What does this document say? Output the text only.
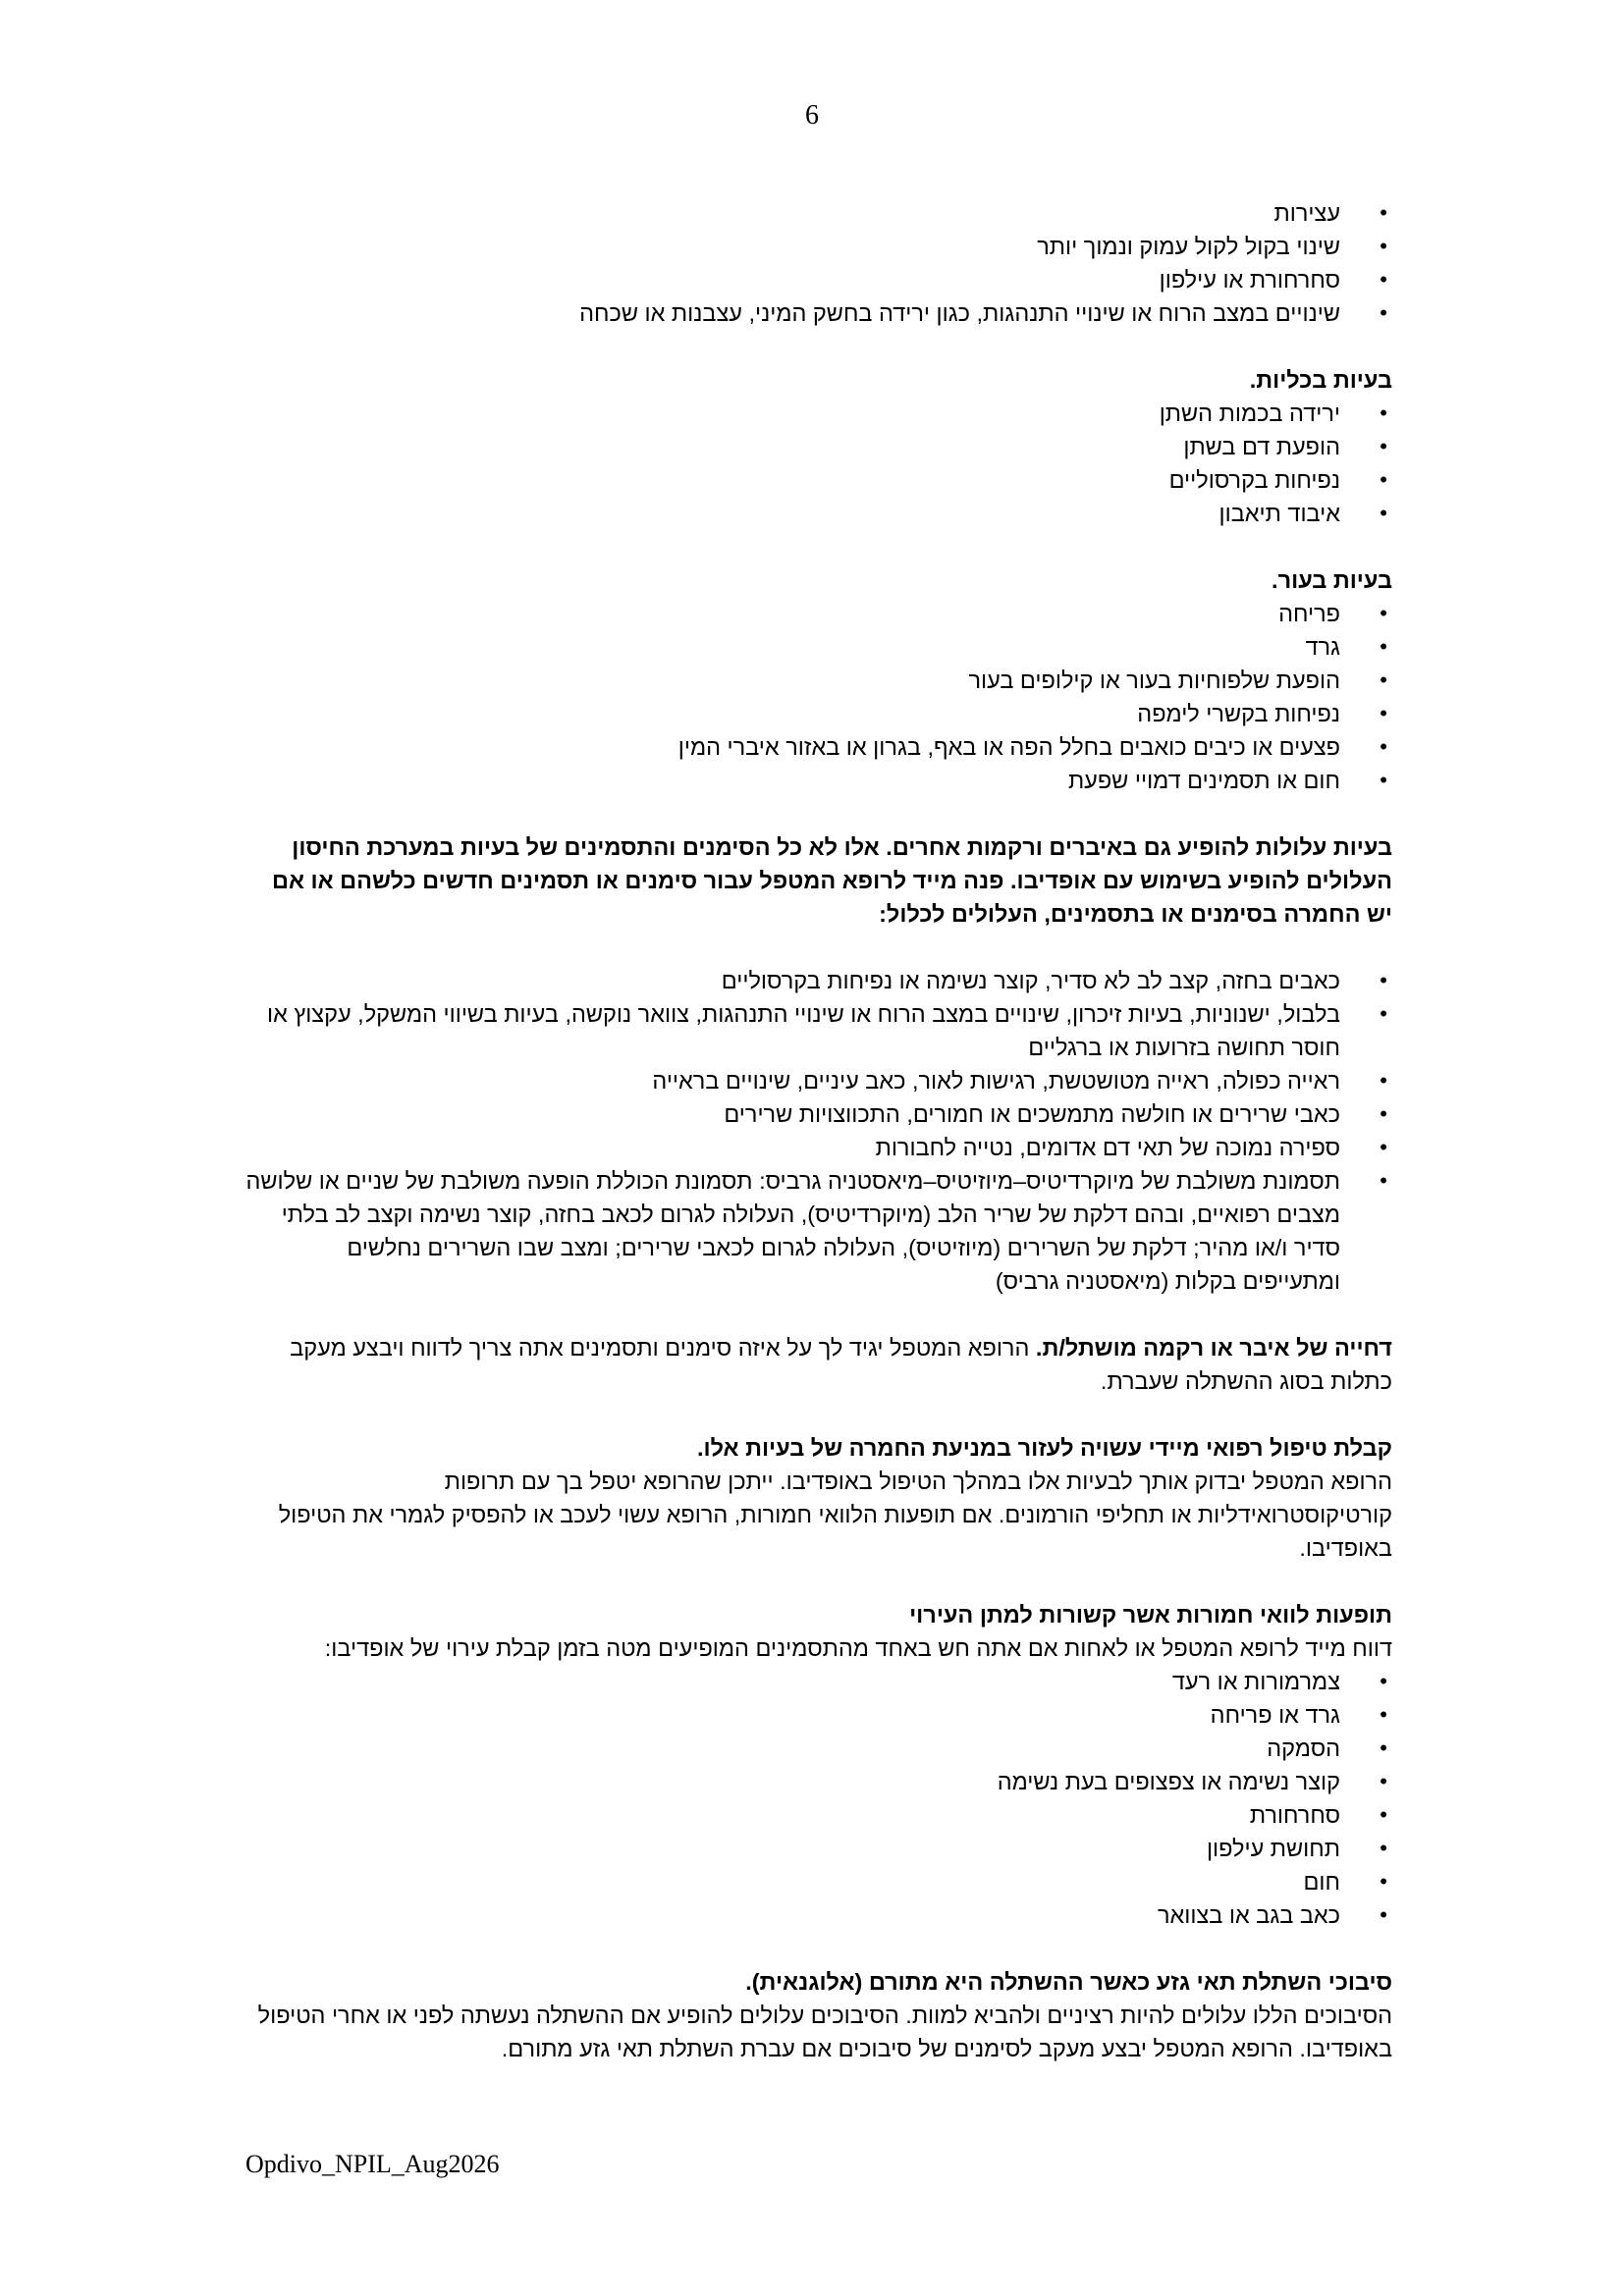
6
• עצירות
• שינוי בקול לקול עמוק ונמוך יותר
• סחרחורת או עילפון
• שינויים במצב הרוח או שינויי התנהגות, כגון ירידה בחשק המיני, עצבנות או שכחה

בעיות בכליות.

• ירידה בכמות השתן
• הופעת דם בשתן
• נפיחות בקרסוליים
• איבוד תיאבון

בעיות בעור.

• פריחה
• גרד
• הופעת שלפוחיות בעור או קילופים בעור
• נפיחות בקשרי לימפה
• פצעים או כיבים כואבים בחלל הפה או באף, בגרון או באזור איברי המין
• חום או תסמינים דמויי שפעת

בעיות עלולות להופיע גם באיברים ורקמות אחרים. אלו לא כל הסימנים והתסמינים של בעיות במערכת החיסון העלולים להופיע בשימוש עם אופדיבו. פנה מייד לרופא המטפל עבור סימנים או תסמינים חדשים כלשהם או אם יש החמרה בסימנים או בתסמינים, העלולים לכלול:

• כאבים בחזה, קצב לב לא סדיר, קוצר נשימה או נפיחות בקרסוליים
• בלבול, ישנוניות, בעיות זיכרון, שינויים במצב הרוח או שינויי התנהגות, צוואר נוקשה, בעיות בשיווי המשקל, עקצוץ או חוסר תחושה בזרועות או ברגליים
• ראייה כפולה, ראייה מטושטשת, רגישות לאור, כאב עיניים, שינויים בראייה
• כאבי שרירים או חולשה מתמשכים או חמורים, התכווצויות שרירים
• ספירה נמוכה של תאי דם אדומים, נטייה לחבורות
• תסמונת משולבת של מיוקרדיטיס–מיוזיטיס–מיאסטניה גרביס: תסמונת הכוללת הופעה משולבת של שניים או שלושה מצבים רפואיים, ובהם דלקת של שריר הלב (מיוקרדיטיס), העלולה לגרום לכאב בחזה, קוצר נשימה וקצב לב בלתי סדיר ו/או מהיר; דלקת של השרירים (מיוזיטיס), העלולה לגרום לכאבי שרירים; ומצב שבו השרירים נחלשים ומתעייפים בקלות (מיאסטניה גרביס)

דחייה של איבר או רקמה מושתל/ת. הרופא המטפל יגיד לך על איזה סימנים ותסמינים אתה צריך לדווח ויבצע מעקב כתלות בסוג ההשתלה שעברת.

קבלת טיפול רפואי מיידי עשויה לעזור במניעת החמרה של בעיות אלו.

הרופא המטפל יבדוק אותך לבעיות אלו במהלך הטיפול באופדיבו. ייתכן שהרופא יטפל בך עם תרופות קורטיקוסטרואידליות או תחליפי הורמונים. אם תופעות הלוואי חמורות, הרופא עשוי לעכב או להפסיק לגמרי את הטיפול באופדיבו.

תופעות לוואי חמורות אשר קשורות למתן העירוי

דווח מייד לרופא המטפל או לאחות אם אתה חש באחד מהתסמינים המופיעים מטה בזמן קבלת עירוי של אופדיבו:

• צמרמורות או רעד
• גרד או פריחה
• הסמקה
• קוצר נשימה או צפצופים בעת נשימה
• סחרחורת
• תחושת עילפון
• חום
• כאב בגב או בצוואר

סיבוכי השתלת תאי גזע כאשר ההשתלה היא מתורם (אלוגנאית).

הסיבוכים הללו עלולים להיות רציניים ולהביא למוות. הסיבוכים עלולים להופיע אם ההשתלה נעשתה לפני או אחרי הטיפול באופדיבו. הרופא המטפל יבצע מעקב לסימנים של סיבוכים אם עברת השתלת תאי גזע מתורם.

Opdivo_NPIL_Aug2026
